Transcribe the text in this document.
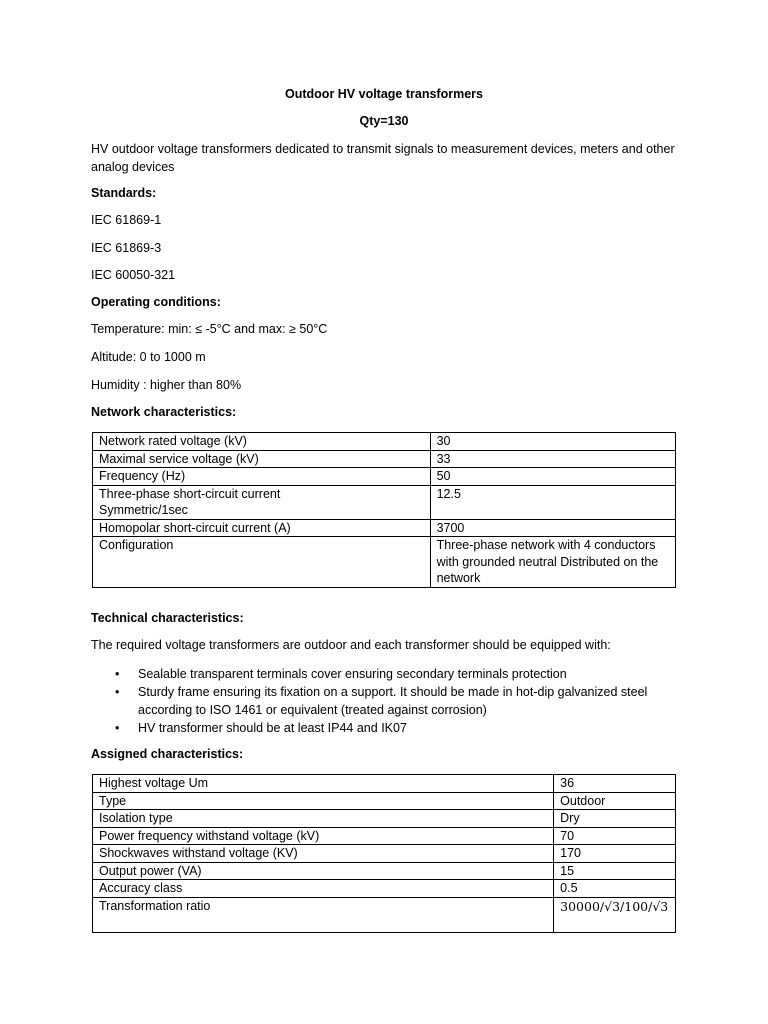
Outdoor HV voltage transformers
Qty=130
HV outdoor voltage transformers dedicated to transmit signals to measurement devices, meters and other analog devices
Standards:
IEC 61869-1
IEC 61869-3
IEC 60050-321
Operating conditions:
Temperature: min: ≤ -5°C and max: ≥ 50°C
Altitude: 0 to 1000 m
Humidity : higher than 80%
Network characteristics:
Network rated voltage (kV)	30
Maximal service voltage (kV)	33
Frequency (Hz)	50
Three-phase short-circuit current Symmetric/1sec	12.5
Homopolar short-circuit current (A)	3700
Configuration	Three-phase network with 4 conductors with grounded neutral Distributed on the network
Technical characteristics:
The required voltage transformers are outdoor and each transformer should be equipped with:
• Sealable transparent terminals cover ensuring secondary terminals protection
• Sturdy frame ensuring its fixation on a support. It should be made in hot-dip galvanized steel according to ISO 1461 or equivalent (treated against corrosion)
• HV transformer should be at least IP44 and IK07
Assigned characteristics:
Highest voltage Um	36
Type	Outdoor
Isolation type	Dry
Power frequency withstand voltage (kV)	70
Shockwaves withstand voltage (KV)	170
Output power (VA)	15
Accuracy class	0.5
Transformation ratio	30000/√3/100/√3
